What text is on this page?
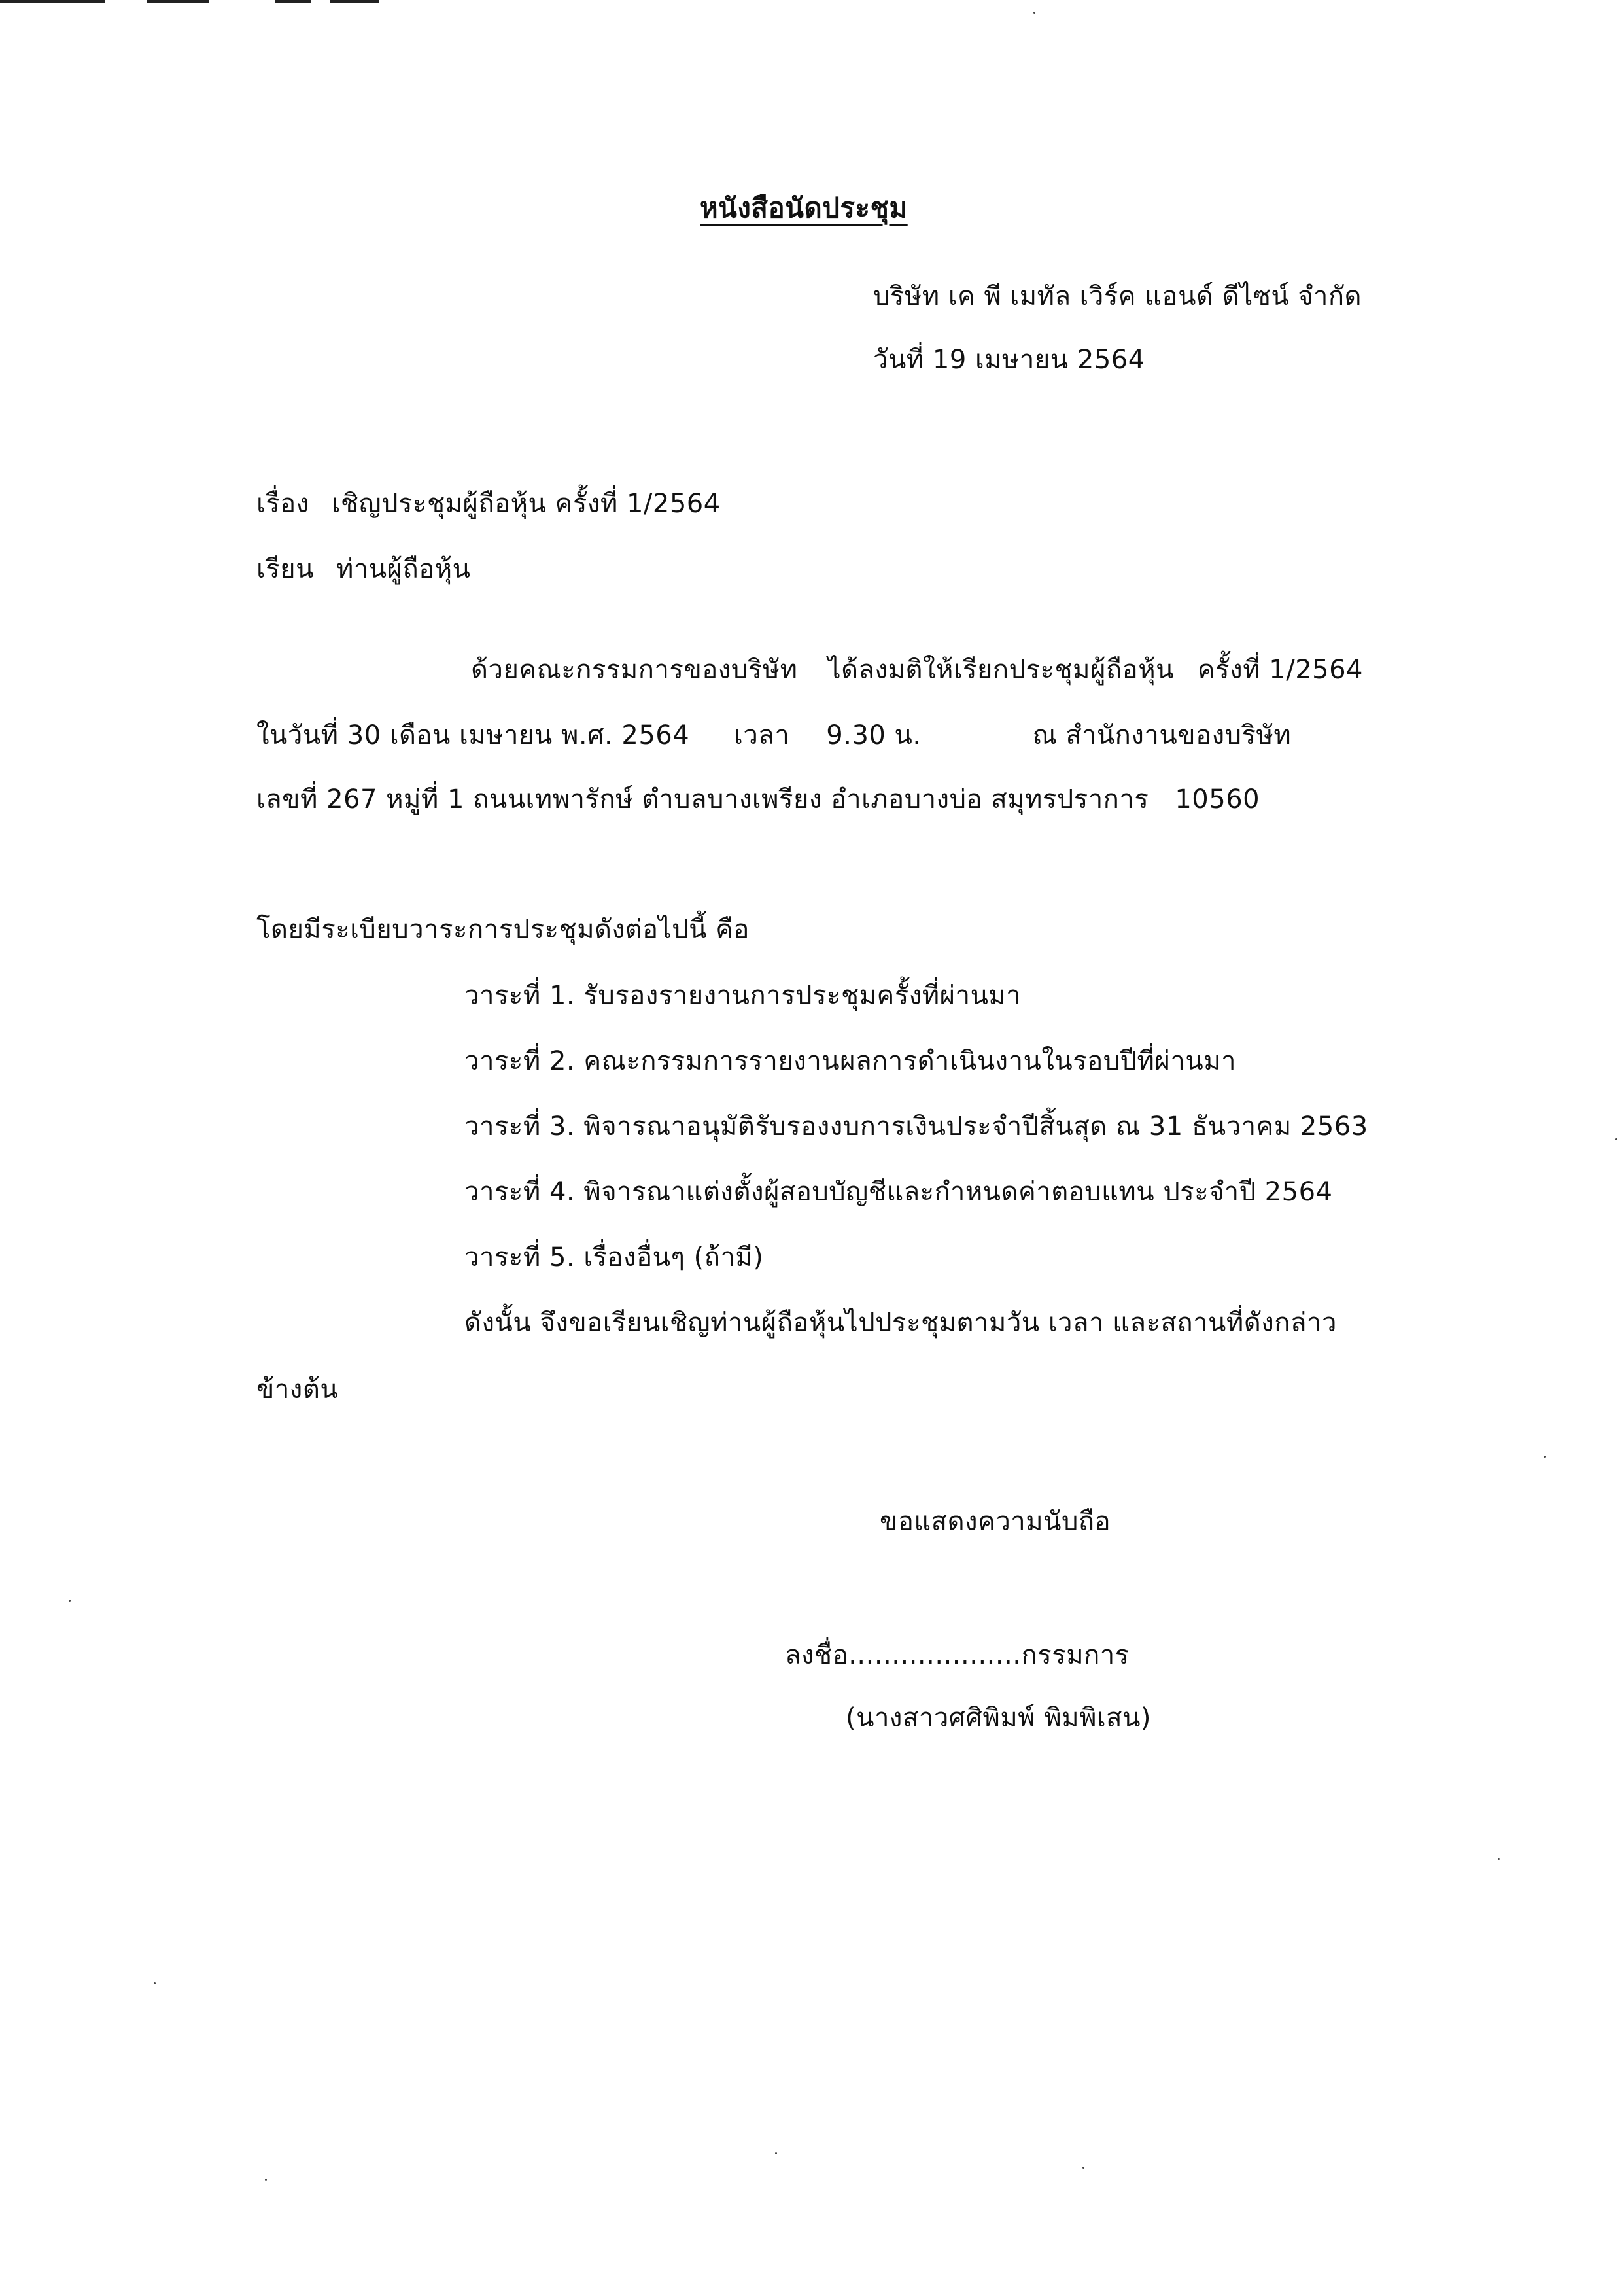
หนังสือนัดประชุม
บริษัท เค พี เมทัล เวิร์ค แอนด์ ดีไซน์ จำกัด
วันที่ 19 เมษายน 2564
เรื่อง เชิญประชุมผู้ถือหุ้น ครั้งที่ 1/2564
เรียน ท่านผู้ถือหุ้น
ด้วยคณะกรรมการของบริษัท ได้ลงมติให้เรียกประชุมผู้ถือหุ้น ครั้งที่ 1/2564
ในวันที่ 30 เดือน เมษายน พ.ศ. 2564 เวลา 9.30 น.	ณ สำนักงานของบริษัท
เลขที่ 267 หมู่ที่ 1 ถนนเทพารักษ์ ตำบลบางเพรียง อำเภอบางบ่อ สมุทรปราการ 10560
โดยมีระเบียบวาระการประชุมดังต่อไปนี้ คือ
วาระที่ 1. รับรองรายงานการประชุมครั้งที่ผ่านมา
วาระที่ 2. คณะกรรมการรายงานผลการดำเนินงานในรอบปีที่ผ่านมา
วาระที่ 3. พิจารณาอนุมัติรับรองงบการเงินประจำปีสิ้นสุด ณ 31 ธันวาคม 2563
วาระที่ 4. พิจารณาแต่งตั้งผู้สอบบัญชีและกำหนดค่าตอบแทน ประจำปี 2564
วาระที่ 5. เรื่องอื่นๆ (ถ้ามี)
ดังนั้น จึงขอเรียนเชิญท่านผู้ถือหุ้นไปประชุมตามวัน เวลา และสถานที่ดังกล่าว
ข้างต้น
ขอแสดงความนับถือ
ลงชื่อ....................กรรมการ
(นางสาวศศิพิมพ์ พิมพิเสน)
